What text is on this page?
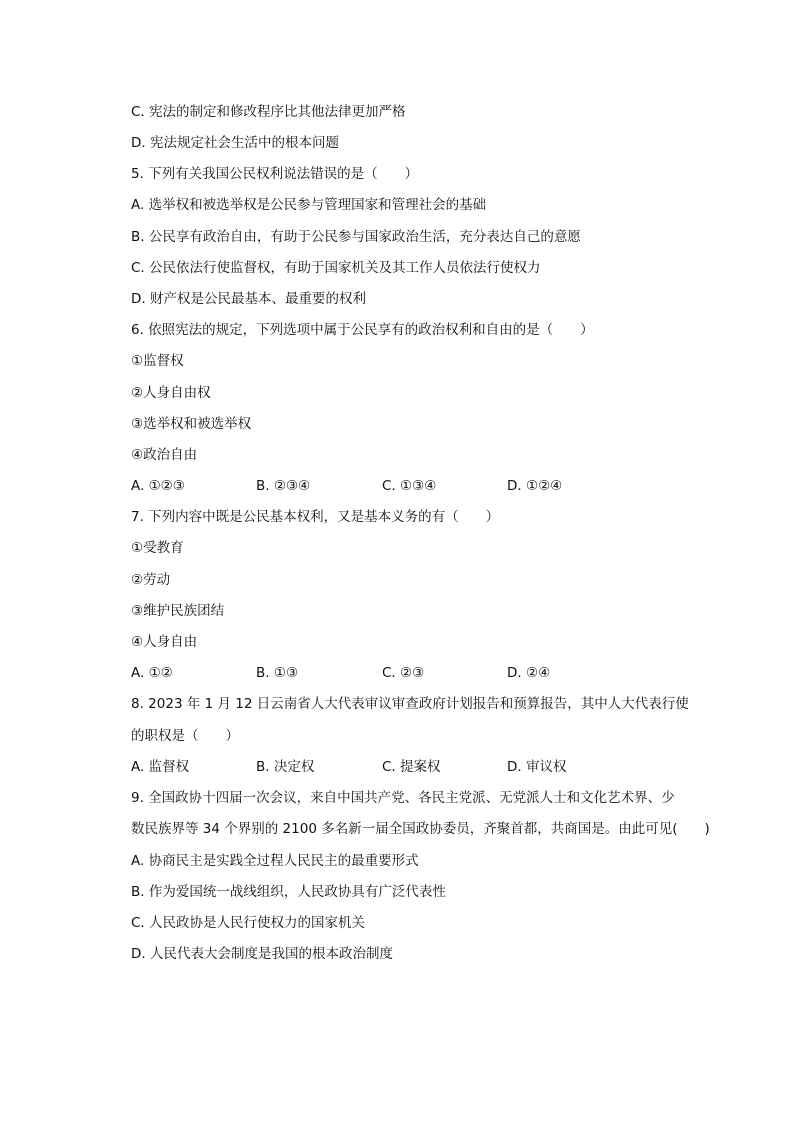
C. 宪法的制定和修改程序比其他法律更加严格
D. 宪法规定社会生活中的根本问题
5. 下列有关我国公民权利说法错误的是（　　）
A. 选举权和被选举权是公民参与管理国家和管理社会的基础
B. 公民享有政治自由，有助于公民参与国家政治生活，充分表达自己的意愿
C. 公民依法行使监督权，有助于国家机关及其工作人员依法行使权力
D. 财产权是公民最基本、最重要的权利
6. 依照宪法的规定，下列选项中属于公民享有的政治权利和自由的是（　　）
①监督权
②人身自由权
③选举权和被选举权
④政治自由
A. ①②③	B. ②③④	C. ①③④	D. ①②④
7. 下列内容中既是公民基本权利，又是基本义务的有（　　）
①受教育
②劳动
③维护民族团结
④人身自由
A. ①②	B. ①③	C. ②③	D. ②④
8. 2023 年 1 月 12 日云南省人大代表审议审查政府计划报告和预算报告，其中人大代表行使
的职权是（　　）
A. 监督权	B. 决定权	C. 提案权	D. 审议权
9. 全国政协十四届一次会议，来自中国共产党、各民主党派、无党派人士和文化艺术界、少
数民族界等 34 个界别的 2100 多名新一届全国政协委员，齐聚首都，共商国是。由此可见(　　)
A. 协商民主是实践全过程人民民主的最重要形式
B. 作为爱国统一战线组织，人民政协具有广泛代表性
C. 人民政协是人民行使权力的国家机关
D. 人民代表大会制度是我国的根本政治制度
